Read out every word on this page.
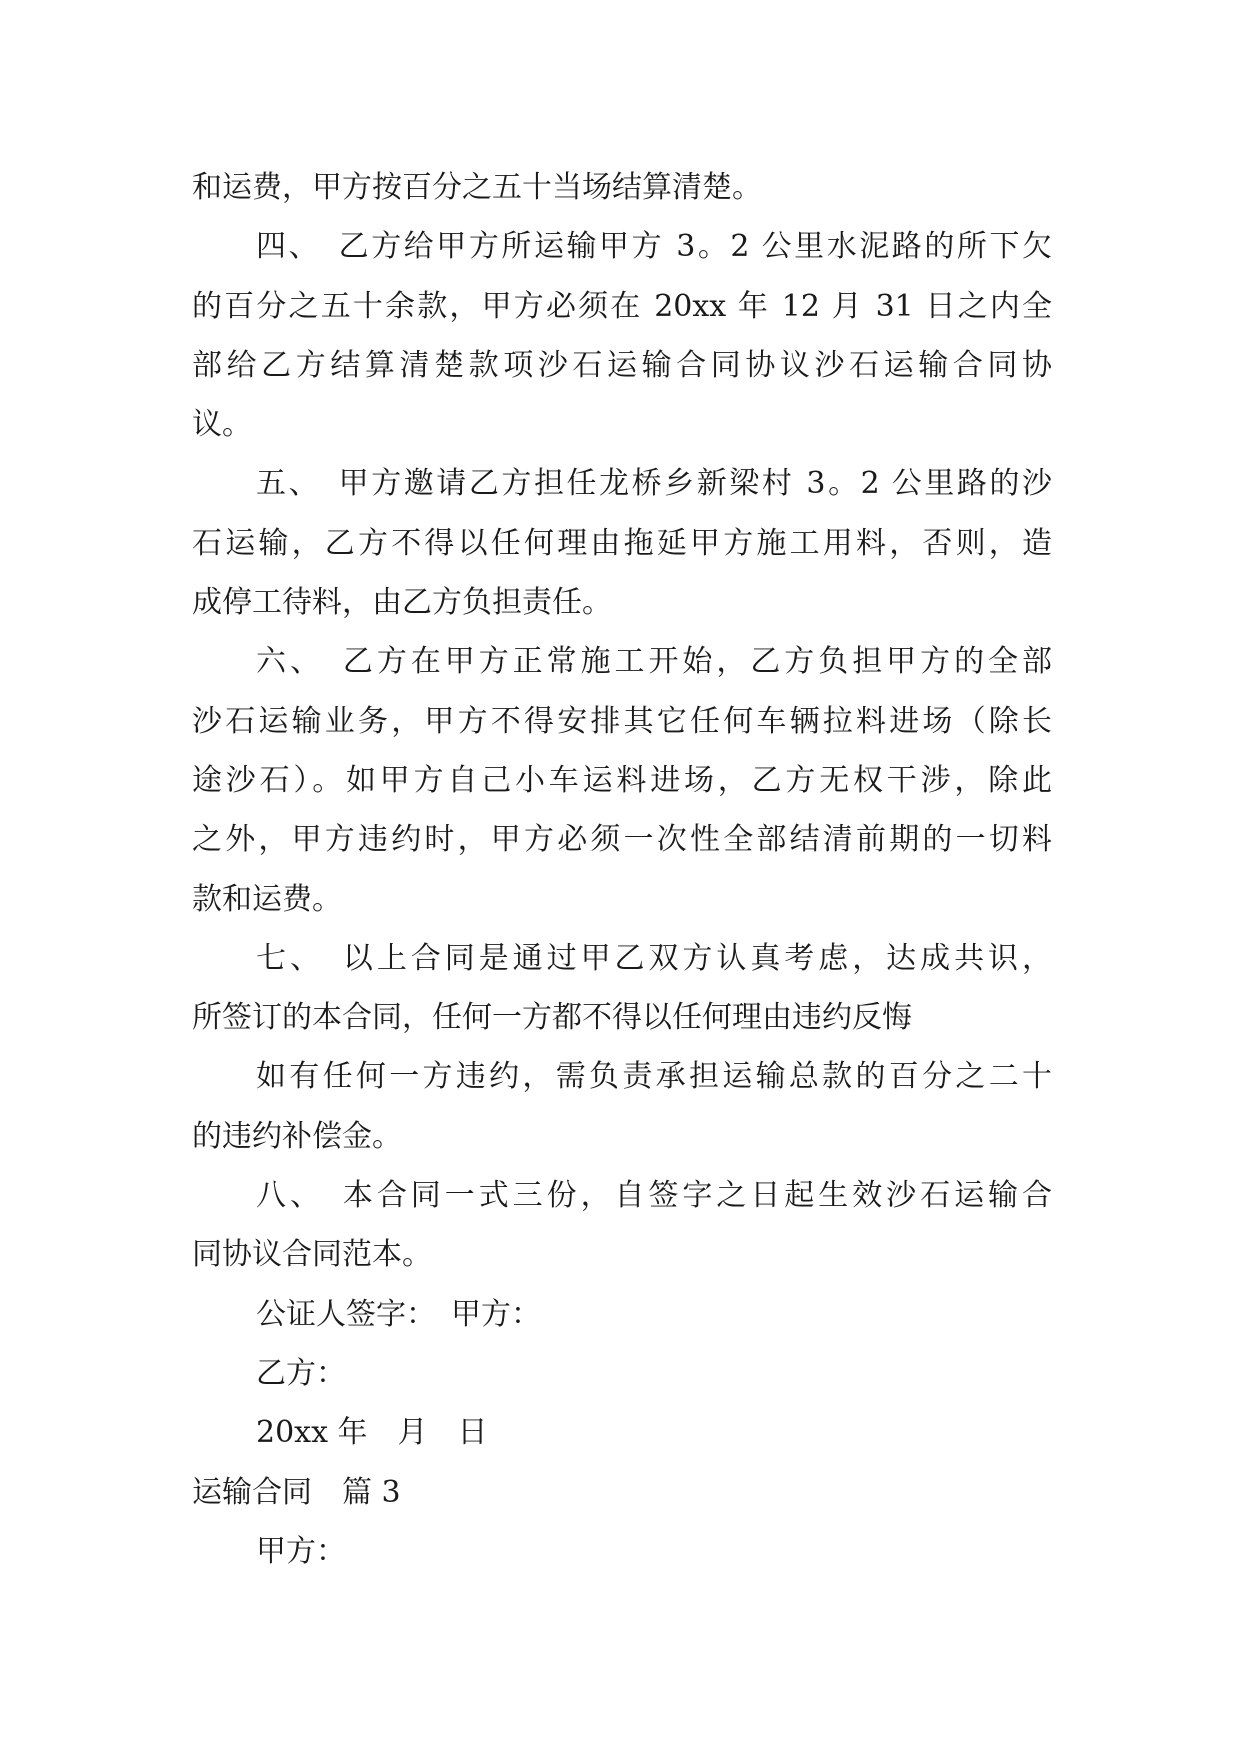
和运费，甲方按百分之五十当场结算清楚。
四、　乙方给甲方所运输甲方 3。2 公里水泥路的所下欠
的百分之五十余款，甲方必须在 20xx 年 12 月 31 日之内全
部给乙方结算清楚款项沙石运输合同协议沙石运输合同协
议。
五、　甲方邀请乙方担任龙桥乡新梁村 3。2 公里路的沙
石运输，乙方不得以任何理由拖延甲方施工用料，否则，造
成停工待料，由乙方负担责任。
六、　乙方在甲方正常施工开始，乙方负担甲方的全部
沙石运输业务，甲方不得安排其它任何车辆拉料进场（除长
途沙石）。如甲方自己小车运料进场，乙方无权干涉，除此
之外，甲方违约时，甲方必须一次性全部结清前期的一切料
款和运费。
七、　以上合同是通过甲乙双方认真考虑，达成共识，
所签订的本合同，任何一方都不得以任何理由违约反悔
如有任何一方违约，需负责承担运输总款的百分之二十
的违约补偿金。
八、　本合同一式三份，自签字之日起生效沙石运输合
同协议合同范本。
公证人签字：　甲方：
乙方：
20xx 年　月　日
运输合同　篇 3
甲方：
